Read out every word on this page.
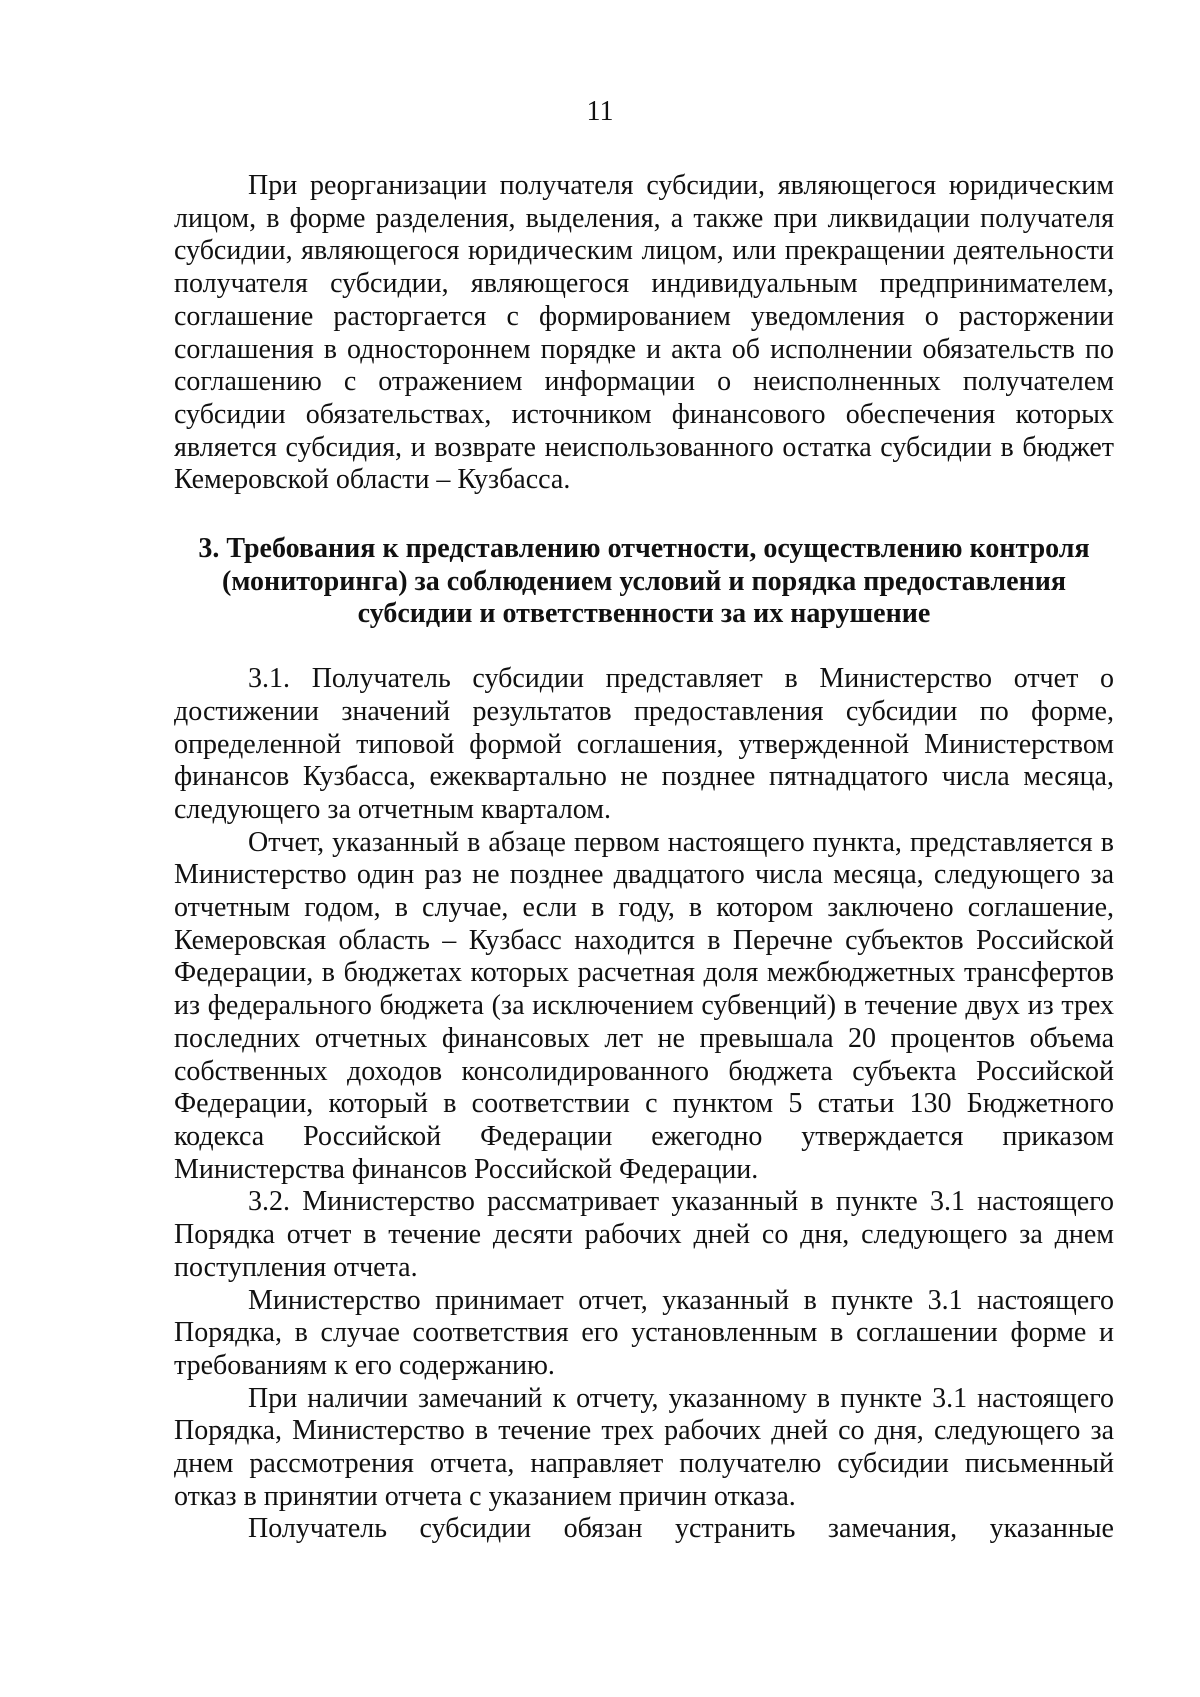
11

При реорганизации получателя субсидии, являющегося юридическим лицом, в форме разделения, выделения, а также при ликвидации получателя субсидии, являющегося юридическим лицом, или прекращении деятельности получателя субсидии, являющегося индивидуальным предпринимателем, соглашение расторгается с формированием уведомления о расторжении соглашения в одностороннем порядке и акта об исполнении обязательств по соглашению с отражением информации о неисполненных получателем субсидии обязательствах, источником финансового обеспечения которых является субсидия, и возврате неиспользованного остатка субсидии в бюджет Кемеровской области – Кузбасса.

3. Требования к представлению отчетности, осуществлению контроля
(мониторинга) за соблюдением условий и порядка предоставления
субсидии и ответственности за их нарушение

3.1. Получатель субсидии представляет в Министерство отчет о достижении значений результатов предоставления субсидии по форме, определенной типовой формой соглашения, утвержденной Министерством финансов Кузбасса, ежеквартально не позднее пятнадцатого числа месяца, следующего за отчетным кварталом.

Отчет, указанный в абзаце первом настоящего пункта, представляется в Министерство один раз не позднее двадцатого числа месяца, следующего за отчетным годом, в случае, если в году, в котором заключено соглашение, Кемеровская область – Кузбасс находится в Перечне субъектов Российской Федерации, в бюджетах которых расчетная доля межбюджетных трансфертов из федерального бюджета (за исключением субвенций) в течение двух из трех последних отчетных финансовых лет не превышала 20 процентов объема собственных доходов консолидированного бюджета субъекта Российской Федерации, который в соответствии с пунктом 5 статьи 130 Бюджетного кодекса Российской Федерации ежегодно утверждается приказом Министерства финансов Российской Федерации.

3.2. Министерство рассматривает указанный в пункте 3.1 настоящего Порядка отчет в течение десяти рабочих дней со дня, следующего за днем поступления отчета.

Министерство принимает отчет, указанный в пункте 3.1 настоящего Порядка, в случае соответствия его установленным в соглашении форме и требованиям к его содержанию.

При наличии замечаний к отчету, указанному в пункте 3.1 настоящего Порядка, Министерство в течение трех рабочих дней со дня, следующего за днем рассмотрения отчета, направляет получателю субсидии письменный отказ в принятии отчета с указанием причин отказа.

Получатель субсидии обязан устранить замечания, указанные
